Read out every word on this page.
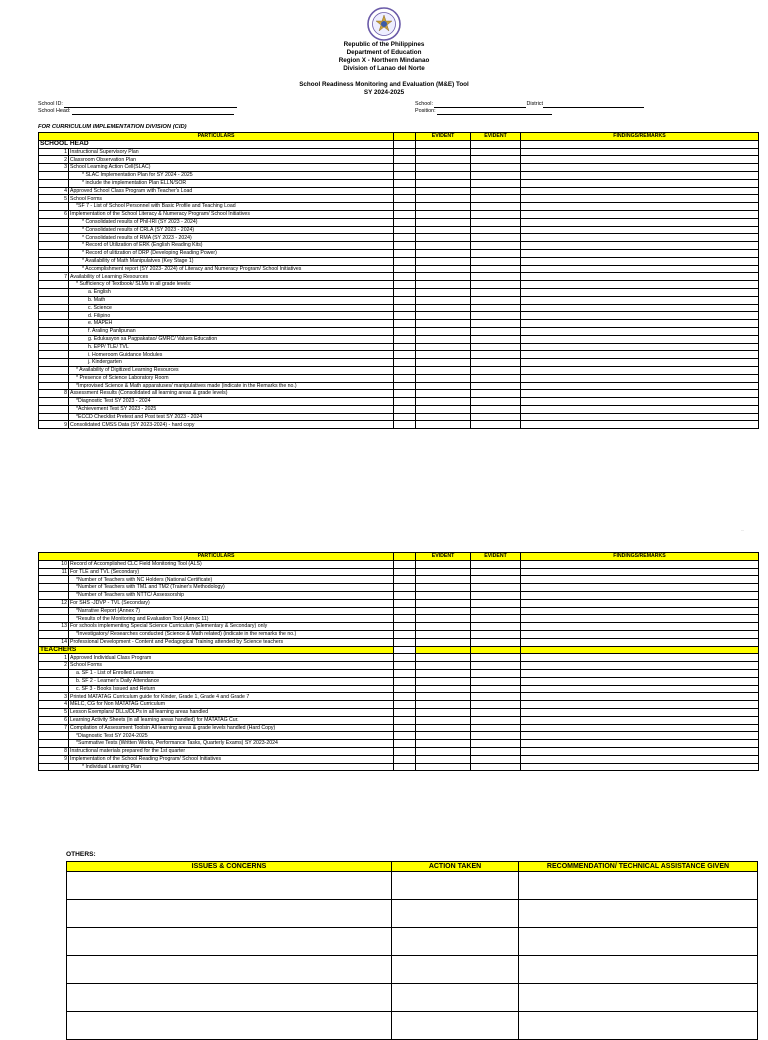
Republic of the Philippines
Department of Education
Region X - Northern Mindanao
Division of Lanao del Norte
School Readiness Monitoring and Evaluation (M&E) Tool
SY 2024-2025
School ID:
School Head:
School:	District
Position:
FOR CURRICULUM IMPLEMENTATION DIVISION (CID)
PARTICULARS			EVIDENT	EVIDENT	FINDINGS/REMARKS
SCHOOL HEAD					
1	Instructional Supervisory Plan				
2	Classroom Observation Plan				
3	School Learning Action Cell(SLAC)				
	* SLAC Implementation Plan for SY 2024 - 2025				
	* include the implementation Plan ELLN/SOR				
4	Approved School Class Program with Teacher's Load				
5	School Forms				
	*SF 7 - List of School Personnel with Basic Profile and Teaching Load				
6	Implementation of the School Literacy & Numeracy Program/ School Initiatives				
	* Consolidated results of Phil-IRI (SY 2023 - 2024)				
	* Consolidated results of CRLA (SY 2023 - 2024)				
	* Consolidated results of RMA (SY 2023 - 2024)				
	* Record of Utilization of ERK (English Reading Kits)				
	* Record of ulitization of DRP (Developing Reading Power)				
	* Availability of Math Manipulatves (Key Stage 1)				
	* Accomplishment report (SY 2023- 2024) of Literacy and Numeracy Program/ School Initiatives				
7	Availability of Learning Resources				
	* Sufficiency of Textbook/ SLMs in all grade levels:				
	a. English				
	b. Math				
	c. Science				
	d. Filipino				
	e. MAPEH				
	f. Araling Panlipunan				
	g. Edukasyon sa Pagpakatao/ GMRC/ Values Education				
	h. EPP/ TLE/ TVL				
	i. Homeroom Guidance Modules				
	j. Kindergarten				
	* Availability of Digitized Learning Resources				
	* Presence of Science Laboratory Room				
	*Improvised Science & Math apparatuses/ manipulatives made (indicate in the Remarks the no.)				
8	Assessment Results (Consolidated all learning areas & grade levels)				
	*Diagnostic Test SY 2023 - 2024				
	*Achievement Test SY 2023 - 2025				
	*ECCD Checklist Pretest and Post test SY 2023 - 2024				
9	Consolidated CMSS Data (SY 2023-2024) - hard copy				
...
PARTICULARS			EVIDENT	EVIDENT	FINDINGS/REMARKS
10	Record of Accomplished CLC Field Monitoring Tool (ALS)				
11	For TLE and TVL (Secondary)				
	*Number of Teachers with NC Holders (National Certificate)				
	*Number of Teachers with TM1 and TM2 (Trainer's Methodology)				
	*Number of Teachers with NTTC/ Assessorship				
12	For SHS -JDVP - TVL (Secondary)				
	*Narrative Report (Annex 7)				
	*Results of the Monitoring and Evaluation Tool (Annex 11)				
13	For schools implementing Special Science Curriculum (Elementary & Secondary) only				
	*Investigatory/ Researches conducted (Science & Math related) (indicate in the remarks the no.)				
14	Professional Development - Content and Pedagogical Training attended by Science teachers				
TEACHERS					
1	Approved Individual Class Program				
2	School Forms				
	a. SF 1 - List of Enrolled Learners				
	b. SF 2 - Learner's Daily Attendance				
	c. SF 3 - Books Issued and Return				
3	Printed MATATAG Curriculum guide for Kinder, Grade 1, Grade 4 and Grade 7				
4	MELC, CG for Non MATATAG Curriculum				
5	Lesson Exemplars/ DLLs/DLPs in all learning areas handled				
6	Learning Activity Sheets (in all learning areas handled) for MATATAG Cur.				
7	Compilation of Assessment Toolsin All learning areas & grade levels handled (Hard Copy)				
	*Diagnostic Test SY 2024-2025				
	*Summative Tests (Written Works, Performance Tasks, Quarterly Exams) SY 2023-2024				
8	Instructional materials prepared for the 1st quarter				
9	Implementation of the School Reading Program/ School Initiatives				
	* Individual Learning Plan				
OTHERS:
ISSUES & CONCERNS	ACTION TAKEN	RECOMMENDATION/ TECHNICAL ASSISTANCE GIVEN
